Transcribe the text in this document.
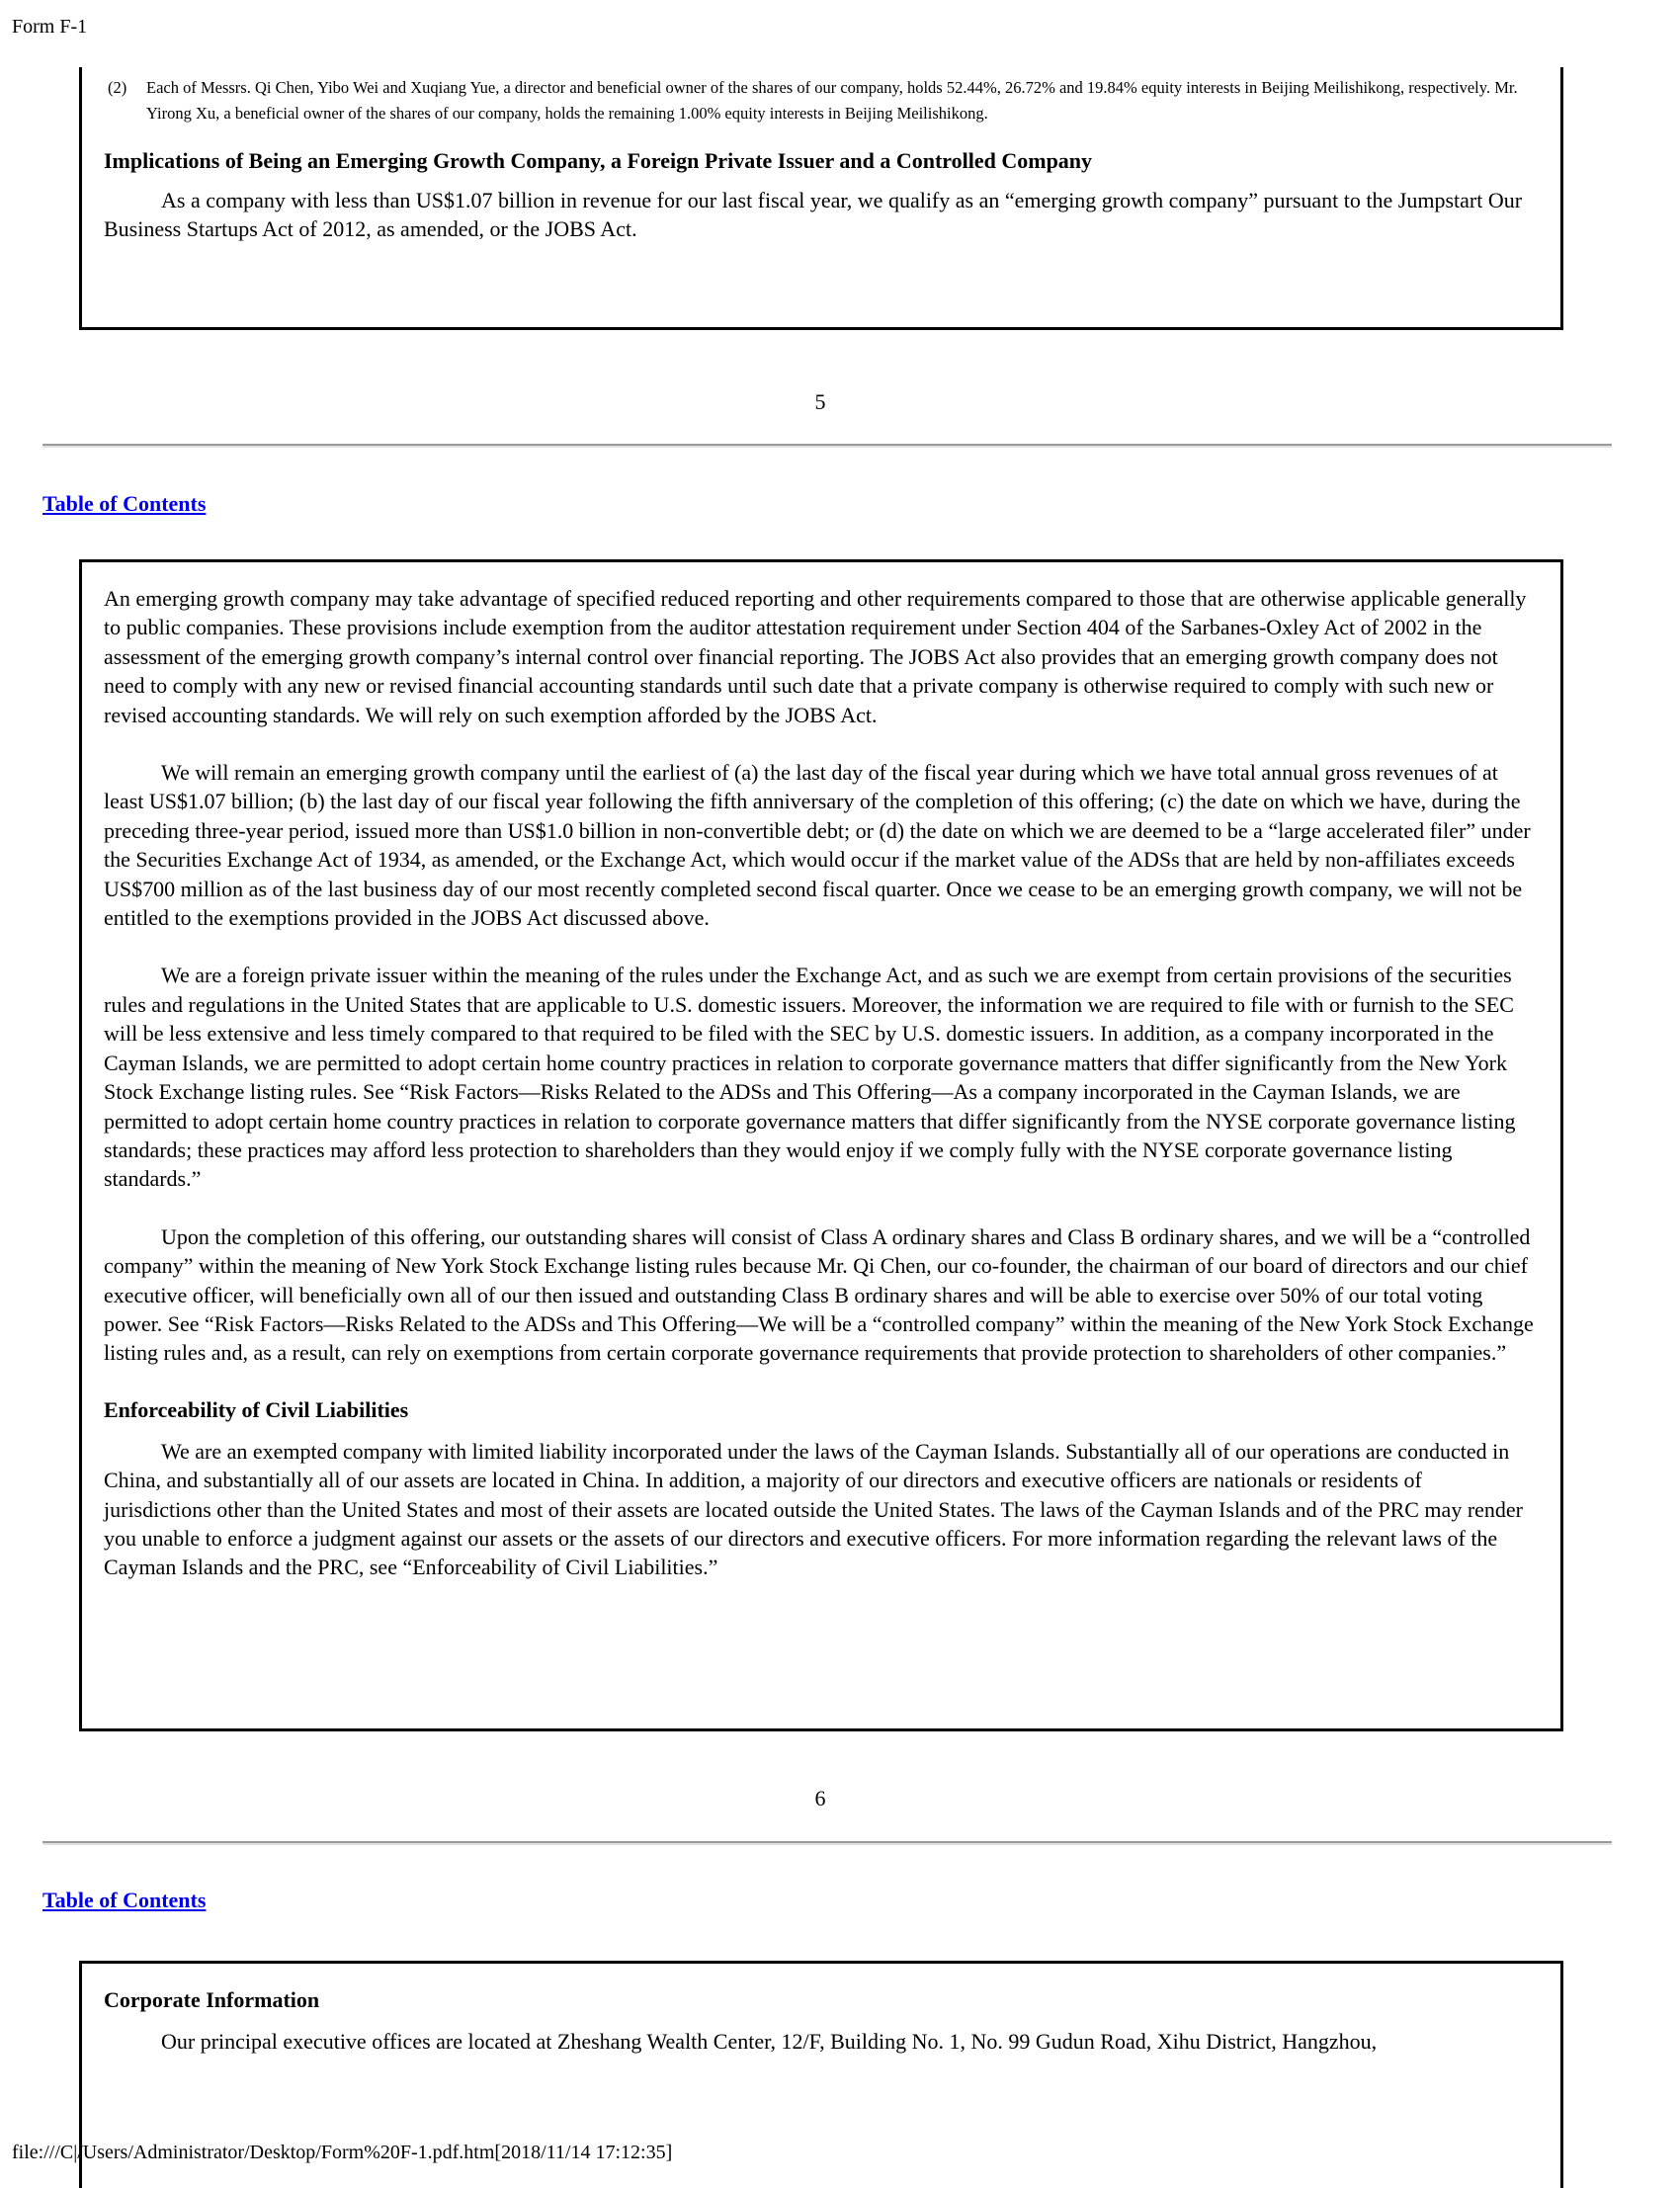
Form F-1
(2) Each of Messrs. Qi Chen, Yibo Wei and Xuqiang Yue, a director and beneficial owner of the shares of our company, holds 52.44%, 26.72% and 19.84% equity interests in Beijing Meilishikong, respectively. Mr. Yirong Xu, a beneficial owner of the shares of our company, holds the remaining 1.00% equity interests in Beijing Meilishikong.
Implications of Being an Emerging Growth Company, a Foreign Private Issuer and a Controlled Company

As a company with less than US$1.07 billion in revenue for our last fiscal year, we qualify as an “emerging growth company” pursuant to the Jumpstart Our Business Startups Act of 2012, as amended, or the JOBS Act.

5
Table of Contents

An emerging growth company may take advantage of specified reduced reporting and other requirements compared to those that are otherwise applicable generally to public companies. These provisions include exemption from the auditor attestation requirement under Section 404 of the Sarbanes-Oxley Act of 2002 in the assessment of the emerging growth company’s internal control over financial reporting. The JOBS Act also provides that an emerging growth company does not need to comply with any new or revised financial accounting standards until such date that a private company is otherwise required to comply with such new or revised accounting standards. We will rely on such exemption afforded by the JOBS Act.

We will remain an emerging growth company until the earliest of (a) the last day of the fiscal year during which we have total annual gross revenues of at least US$1.07 billion; (b) the last day of our fiscal year following the fifth anniversary of the completion of this offering; (c) the date on which we have, during the preceding three-year period, issued more than US$1.0 billion in non-convertible debt; or (d) the date on which we are deemed to be a “large accelerated filer” under the Securities Exchange Act of 1934, as amended, or the Exchange Act, which would occur if the market value of the ADSs that are held by non-affiliates exceeds US$700 million as of the last business day of our most recently completed second fiscal quarter. Once we cease to be an emerging growth company, we will not be entitled to the exemptions provided in the JOBS Act discussed above.

We are a foreign private issuer within the meaning of the rules under the Exchange Act, and as such we are exempt from certain provisions of the securities rules and regulations in the United States that are applicable to U.S. domestic issuers. Moreover, the information we are required to file with or furnish to the SEC will be less extensive and less timely compared to that required to be filed with the SEC by U.S. domestic issuers. In addition, as a company incorporated in the Cayman Islands, we are permitted to adopt certain home country practices in relation to corporate governance matters that differ significantly from the New York Stock Exchange listing rules. See “Risk Factors—Risks Related to the ADSs and This Offering—As a company incorporated in the Cayman Islands, we are permitted to adopt certain home country practices in relation to corporate governance matters that differ significantly from the NYSE corporate governance listing standards; these practices may afford less protection to shareholders than they would enjoy if we comply fully with the NYSE corporate governance listing standards.”

Upon the completion of this offering, our outstanding shares will consist of Class A ordinary shares and Class B ordinary shares, and we will be a “controlled company” within the meaning of New York Stock Exchange listing rules because Mr. Qi Chen, our co-founder, the chairman of our board of directors and our chief executive officer, will beneficially own all of our then issued and outstanding Class B ordinary shares and will be able to exercise over 50% of our total voting power. See “Risk Factors—Risks Related to the ADSs and This Offering—We will be a “controlled company” within the meaning of the New York Stock Exchange listing rules and, as a result, can rely on exemptions from certain corporate governance requirements that provide protection to shareholders of other companies.”

Enforceability of Civil Liabilities

We are an exempted company with limited liability incorporated under the laws of the Cayman Islands. Substantially all of our operations are conducted in China, and substantially all of our assets are located in China. In addition, a majority of our directors and executive officers are nationals or residents of jurisdictions other than the United States and most of their assets are located outside the United States. The laws of the Cayman Islands and of the PRC may render you unable to enforce a judgment against our assets or the assets of our directors and executive officers. For more information regarding the relevant laws of the Cayman Islands and the PRC, see “Enforceability of Civil Liabilities.”

6
Table of Contents
Corporate Information

Our principal executive offices are located at Zheshang Wealth Center, 12/F, Building No. 1, No. 99 Gudun Road, Xihu District, Hangzhou,

file:///C|/Users/Administrator/Desktop/Form%20F-1.pdf.htm[2018/11/14 17:12:35]
